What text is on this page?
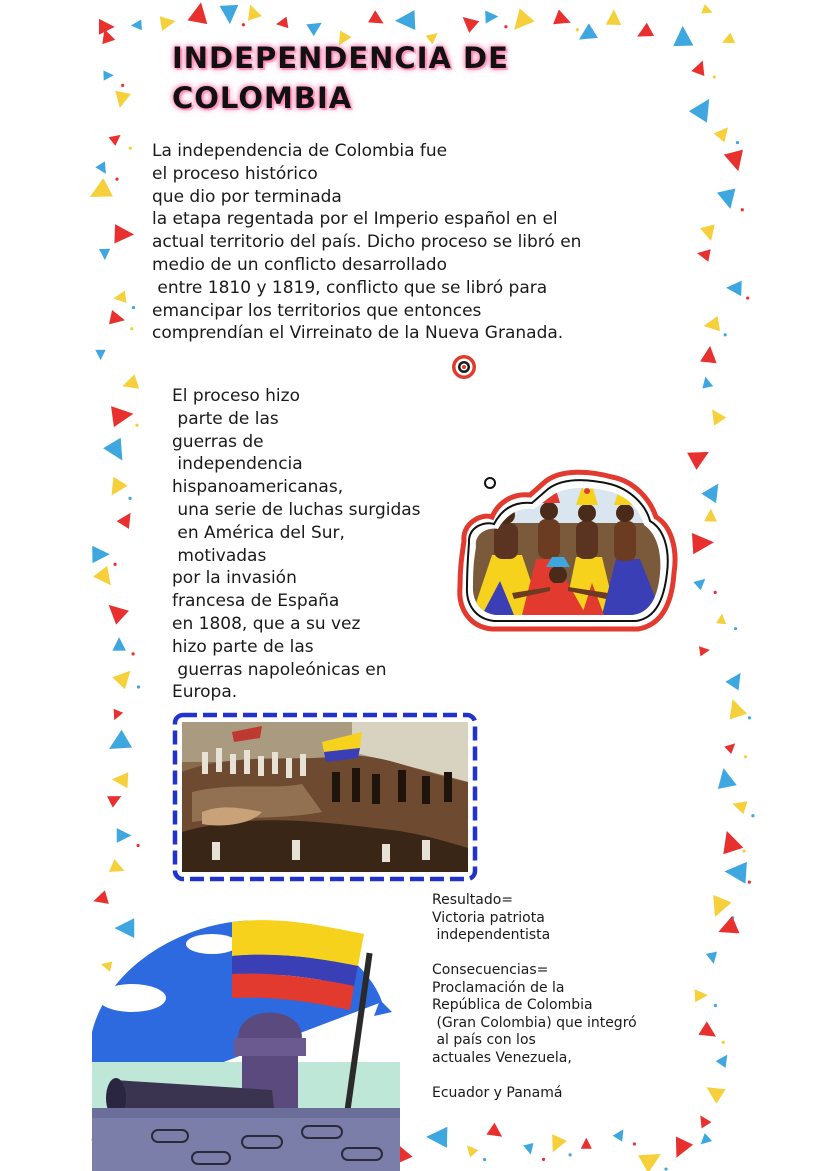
INDEPENDENCIA DE COLOMBIA
La independencia de Colombia fue
el proceso histórico
que dio por terminada
la etapa regentada por el Imperio español en el
actual territorio del país. Dicho proceso se libró en
medio de un conflicto desarrollado
entre 1810 y 1819, conflicto que se libró para
emancipar los territorios que entonces
comprendían el Virreinato de la Nueva Granada.
El proceso hizo
parte de las
guerras de
independencia
hispanoamericanas,
una serie de luchas surgidas
en América del Sur,
motivadas
por la invasión
francesa de España
en 1808, que a su vez
hizo parte de las
guerras napoleónicas en
Europa.
Resultado=
Victoria patriota
independentista

Consecuencias=
Proclamación de la
República de Colombia
(Gran Colombia) que integró
al país con los
actuales Venezuela,

Ecuador y Panamá
